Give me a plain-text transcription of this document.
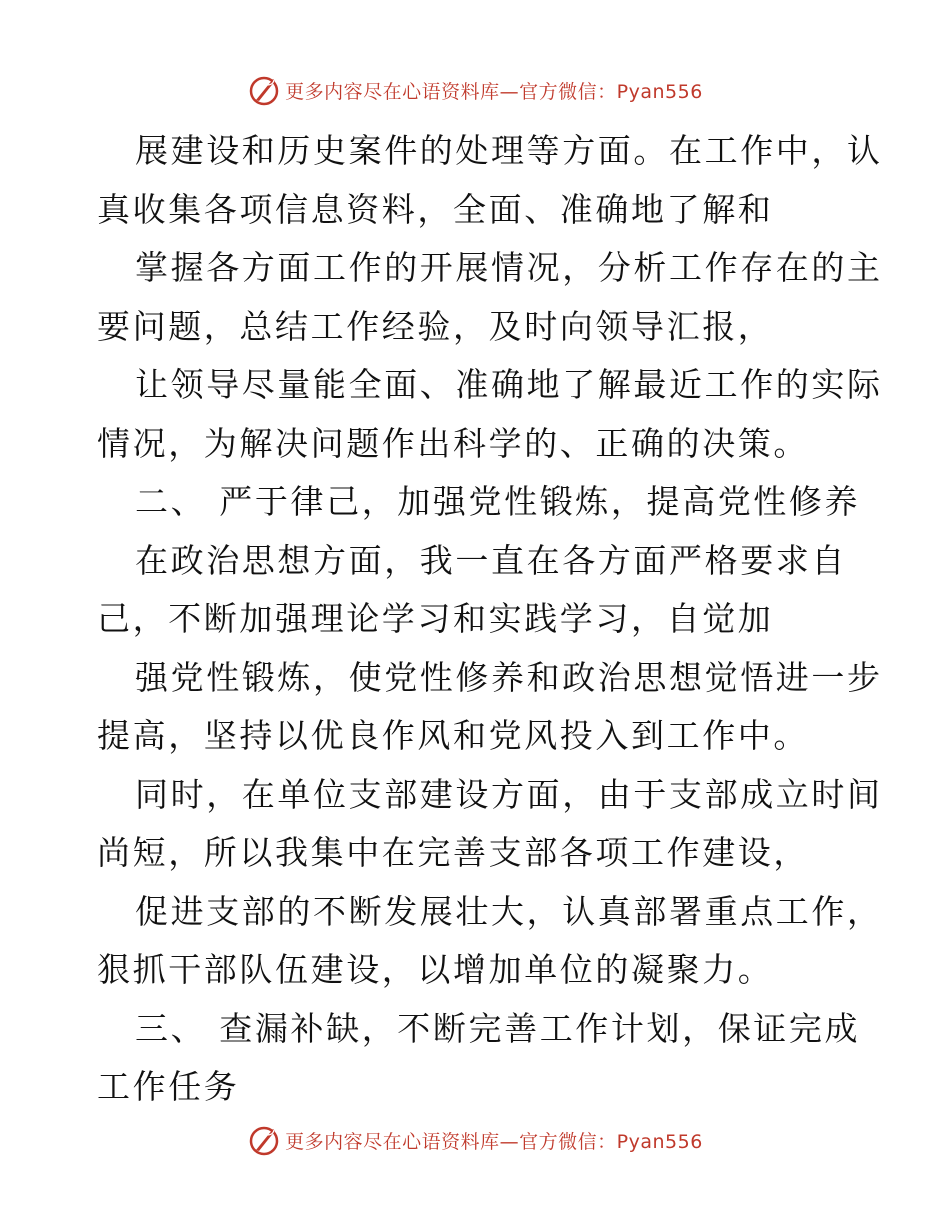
更多内容尽在心语资料库—官方微信：Pyan556
展建设和历史案件的处理等方面。在工作中，认
真收集各项信息资料，全面、准确地了解和
掌握各方面工作的开展情况，分析工作存在的主
要问题，总结工作经验，及时向领导汇报，
让领导尽量能全面、准确地了解最近工作的实际
情况，为解决问题作出科学的、正确的决策。
二、 严于律己，加强党性锻炼，提高党性修养
在政治思想方面，我一直在各方面严格要求自
己，不断加强理论学习和实践学习，自觉加
强党性锻炼，使党性修养和政治思想觉悟进一步
提高，坚持以优良作风和党风投入到工作中。
同时，在单位支部建设方面，由于支部成立时间
尚短，所以我集中在完善支部各项工作建设，
促进支部的不断发展壮大，认真部署重点工作，
狠抓干部队伍建设，以增加单位的凝聚力。
三、 查漏补缺，不断完善工作计划，保证完成
工作任务
更多内容尽在心语资料库—官方微信：Pyan556
